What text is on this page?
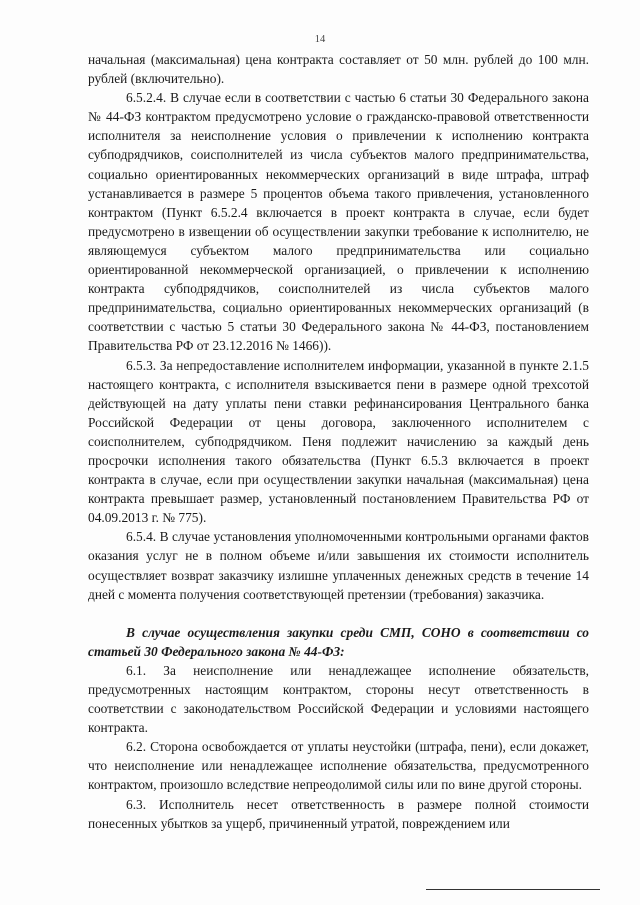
14

начальная (максимальная) цена контракта составляет от 50 млн. рублей до 100 млн. рублей (включительно).

6.5.2.4. В случае если в соответствии с частью 6 статьи 30 Федерального закона № 44-ФЗ контрактом предусмотрено условие о гражданско-правовой ответственности исполнителя за неисполнение условия о привлечении к исполнению контракта субподрядчиков, соисполнителей из числа субъектов малого предпринимательства, социально ориентированных некоммерческих организаций в виде штрафа, штраф устанавливается в размере 5 процентов объема такого привлечения, установленного контрактом (Пункт 6.5.2.4 включается в проект контракта в случае, если будет предусмотрено в извещении об осуществлении закупки требование к исполнителю, не являющемуся субъектом малого предпринимательства или социально ориентированной некоммерческой организацией, о привлечении к исполнению контракта субподрядчиков, соисполнителей из числа субъектов малого предпринимательства, социально ориентированных некоммерческих организаций (в соответствии с частью 5 статьи 30 Федерального закона № 44-ФЗ, постановлением Правительства РФ от 23.12.2016 № 1466)).

6.5.3. За непредоставление исполнителем информации, указанной в пункте 2.1.5 настоящего контракта, с исполнителя взыскивается пени в размере одной трехсотой действующей на дату уплаты пени ставки рефинансирования Центрального банка Российской Федерации от цены договора, заключенного исполнителем с соисполнителем, субподрядчиком. Пеня подлежит начислению за каждый день просрочки исполнения такого обязательства (Пункт 6.5.3 включается в проект контракта в случае, если при осуществлении закупки начальная (максимальная) цена контракта превышает размер, установленный постановлением Правительства РФ от 04.09.2013 г. № 775).

6.5.4. В случае установления уполномоченными контрольными органами фактов оказания услуг не в полном объеме и/или завышения их стоимости исполнитель осуществляет возврат заказчику излишне уплаченных денежных средств в течение 14 дней с момента получения соответствующей претензии (требования) заказчика.

В случае осуществления закупки среди СМП, СОНО в соответствии со статьей 30 Федерального закона № 44-ФЗ:

6.1. За неисполнение или ненадлежащее исполнение обязательств, предусмотренных настоящим контрактом, стороны несут ответственность в соответствии с законодательством Российской Федерации и условиями настоящего контракта.

6.2. Сторона освобождается от уплаты неустойки (штрафа, пени), если докажет, что неисполнение или ненадлежащее исполнение обязательства, предусмотренного контрактом, произошло вследствие непреодолимой силы или по вине другой стороны.

6.3. Исполнитель несет ответственность в размере полной стоимости понесенных убытков за ущерб, причиненный утратой, повреждением или
